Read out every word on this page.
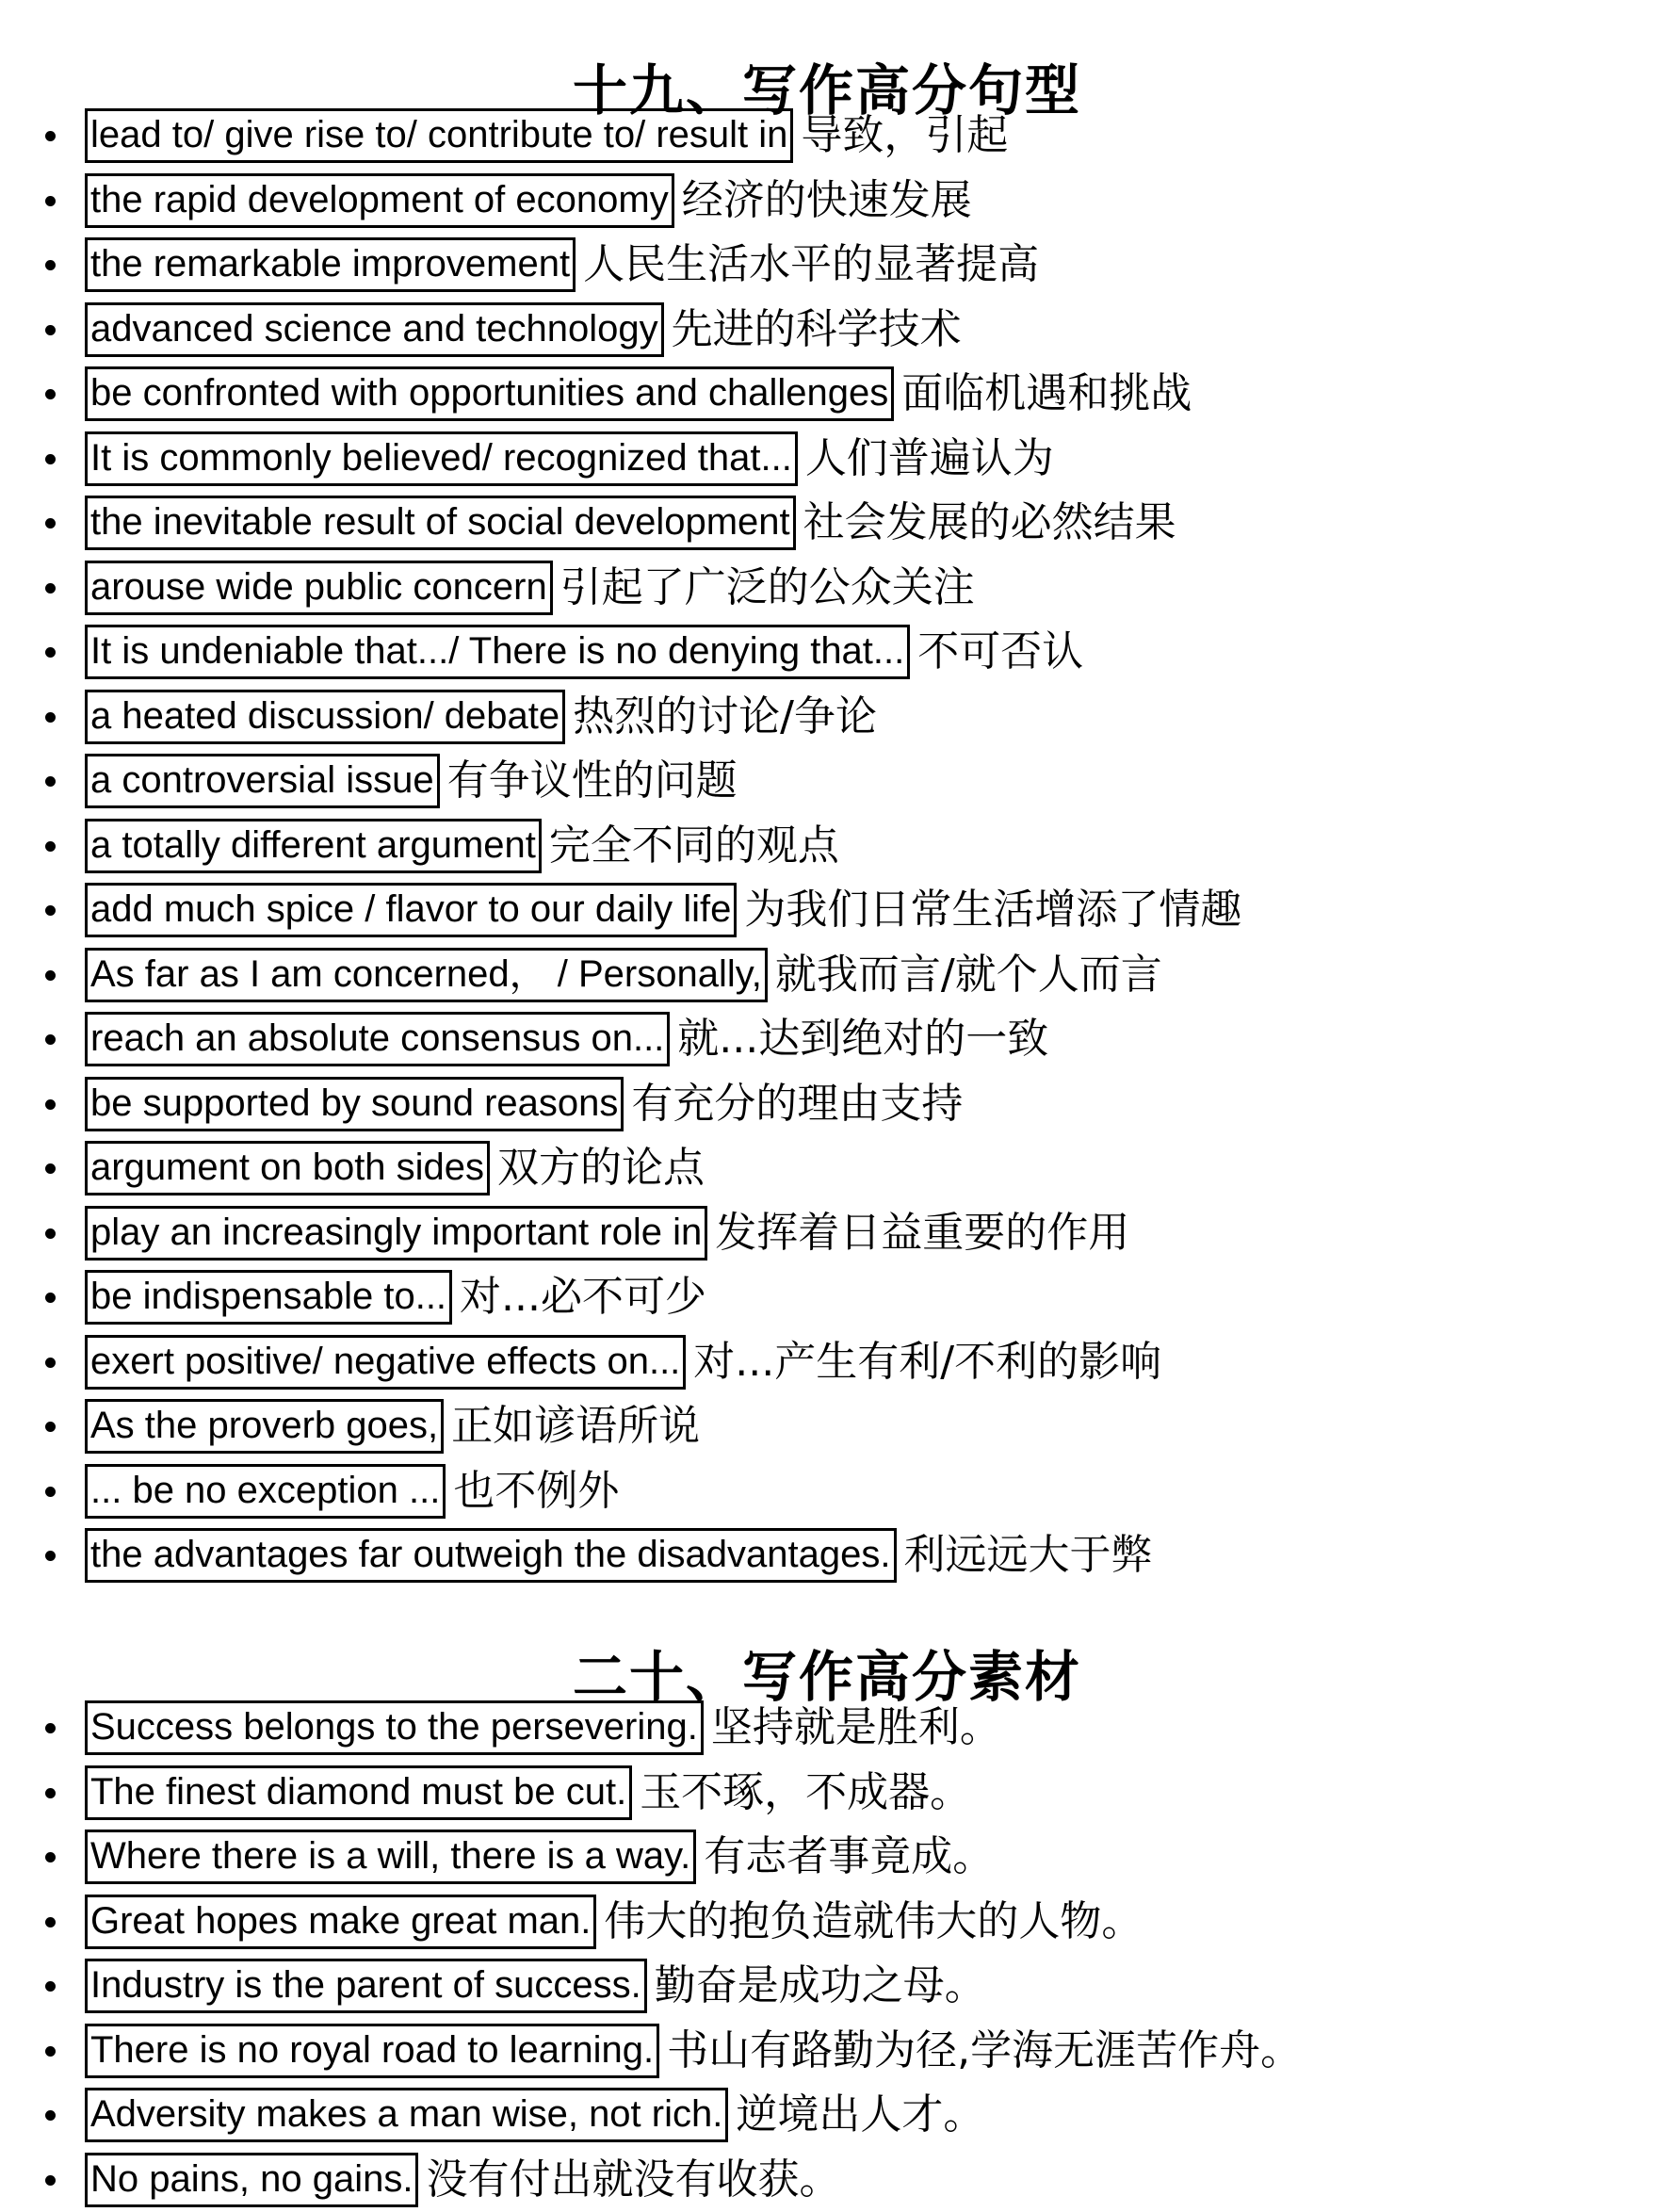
十九、写作高分句型
lead to/ give rise to/ contribute to/ result in 导致，引起
the rapid development of economy 经济的快速发展
the remarkable improvement 人民生活水平的显著提高
advanced science and technology 先进的科学技术
be confronted with opportunities and challenges 面临机遇和挑战
It is commonly believed/ recognized that... 人们普遍认为
the inevitable result of social development 社会发展的必然结果
arouse wide public concern 引起了广泛的公众关注
It is undeniable that.../ There is no denying that... 不可否认
a heated discussion/ debate 热烈的讨论/争论
a controversial issue 有争议性的问题
a totally different argument 完全不同的观点
add much spice / flavor to our daily life 为我们日常生活增添了情趣
As far as I am concerned， / Personally, 就我而言/就个人而言
reach an absolute consensus on... 就...达到绝对的一致
be supported by sound reasons 有充分的理由支持
argument on both sides 双方的论点
play an increasingly important role in 发挥着日益重要的作用
be indispensable to... 对...必不可少
exert positive/ negative effects on... 对...产生有利/不利的影响
As the proverb goes, 正如谚语所说
... be no exception ... 也不例外
the advantages far outweigh the disadvantages. 利远远大于弊
二十、写作高分素材
Success belongs to the persevering. 坚持就是胜利。
The finest diamond must be cut. 玉不琢，不成器。
Where there is a will, there is a way. 有志者事竟成。
Great hopes make great man. 伟大的抱负造就伟大的人物。
Industry is the parent of success. 勤奋是成功之母。
There is no royal road to learning. 书山有路勤为径,学海无涯苦作舟。
Adversity makes a man wise, not rich. 逆境出人才。
No pains, no gains. 没有付出就没有收获。
